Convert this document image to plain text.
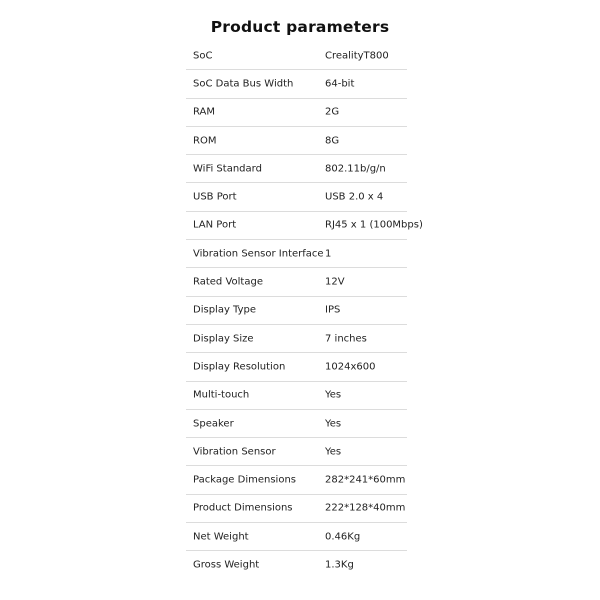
Product parameters
SoC	CrealityT800
SoC Data Bus Width	64-bit
RAM	2G
ROM	8G
WiFi Standard	802.11b/g/n
USB Port	USB 2.0 x 4
LAN Port	RJ45 x 1 (100Mbps)
Vibration Sensor Interface 1
Rated Voltage	12V
Display Type	IPS
Display Size	7 inches
Display Resolution	1024x600
Multi-touch	Yes
Speaker	Yes
Vibration Sensor	Yes
Package Dimensions	282*241*60mm
Product Dimensions	222*128*40mm
Net Weight	0.46Kg
Gross Weight	1.3Kg
